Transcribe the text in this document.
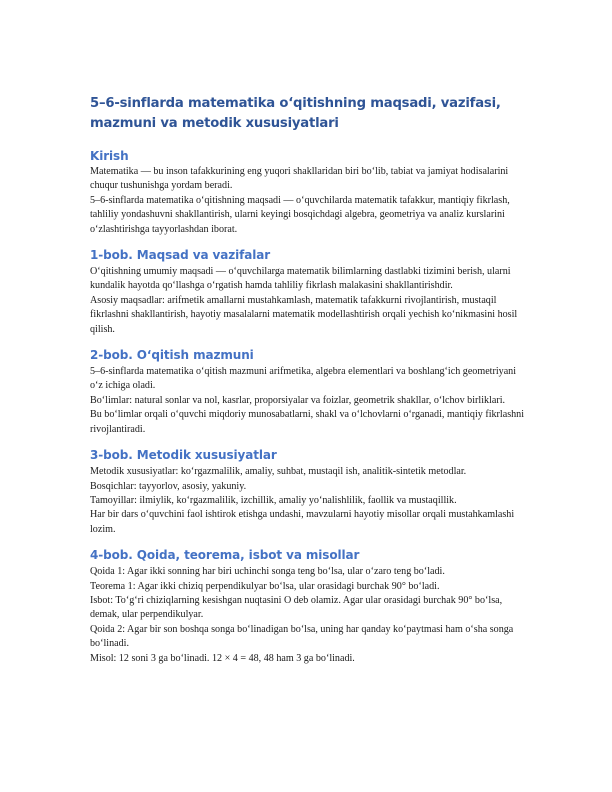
5–6-sinflarda matematika o‘qitishning maqsadi, vazifasi, mazmuni va metodik xususiyatlari
Kirish

Matematika — bu inson tafakkurining eng yuqori shakllaridan biri bo‘lib, tabiat va jamiyat hodisalarini chuqur tushunishga yordam beradi.

5–6-sinflarda matematika o‘qitishning maqsadi — o‘quvchilarda matematik tafakkur, mantiqiy fikrlash, tahliliy yondashuvni shakllantirish, ularni keyingi bosqichdagi algebra, geometriya va analiz kurslarini o‘zlashtirishga tayyorlashdan iborat.

1-bob. Maqsad va vazifalar

O‘qitishning umumiy maqsadi — o‘quvchilarga matematik bilimlarning dastlabki tizimini berish, ularni kundalik hayotda qo‘llashga o‘rgatish hamda tahliliy fikrlash malakasini shakllantirishdir.

Asosiy maqsadlar: arifmetik amallarni mustahkamlash, matematik tafakkurni rivojlantirish, mustaqil fikrlashni shakllantirish, hayotiy masalalarni matematik modellashtirish orqali yechish ko‘nikmasini hosil qilish.

2-bob. O‘qitish mazmuni

5–6-sinflarda matematika o‘qitish mazmuni arifmetika, algebra elementlari va boshlang‘ich geometriyani o‘z ichiga oladi.

Bo‘limlar: natural sonlar va nol, kasrlar, proporsiyalar va foizlar, geometrik shakllar, o‘lchov birliklari.

Bu bo‘limlar orqali o‘quvchi miqdoriy munosabatlarni, shakl va o‘lchovlarni o‘rganadi, mantiqiy fikrlashni rivojlantiradi.

3-bob. Metodik xususiyatlar

Metodik xususiyatlar: ko‘rgazmalilik, amaliy, suhbat, mustaqil ish, analitik-sintetik metodlar.

Bosqichlar: tayyorlov, asosiy, yakuniy.

Tamoyillar: ilmiylik, ko‘rgazmalilik, izchillik, amaliy yo‘nalishlilik, faollik va mustaqillik.

Har bir dars o‘quvchini faol ishtirok etishga undashi, mavzularni hayotiy misollar orqali mustahkamlashi lozim.

4-bob. Qoida, teorema, isbot va misollar

Qoida 1: Agar ikki sonning har biri uchinchi songa teng bo‘lsa, ular o‘zaro teng bo‘ladi.

Teorema 1: Agar ikki chiziq perpendikulyar bo‘lsa, ular orasidagi burchak 90° bo‘ladi.

Isbot: To‘g‘ri chiziqlarning kesishgan nuqtasini O deb olamiz. Agar ular orasidagi burchak 90° bo‘lsa, demak, ular perpendikulyar.

Qoida 2: Agar bir son boshqa songa bo‘linadigan bo‘lsa, uning har qanday ko‘paytmasi ham o‘sha songa bo‘linadi.

Misol: 12 soni 3 ga bo‘linadi. 12 × 4 = 48, 48 ham 3 ga bo‘linadi.
